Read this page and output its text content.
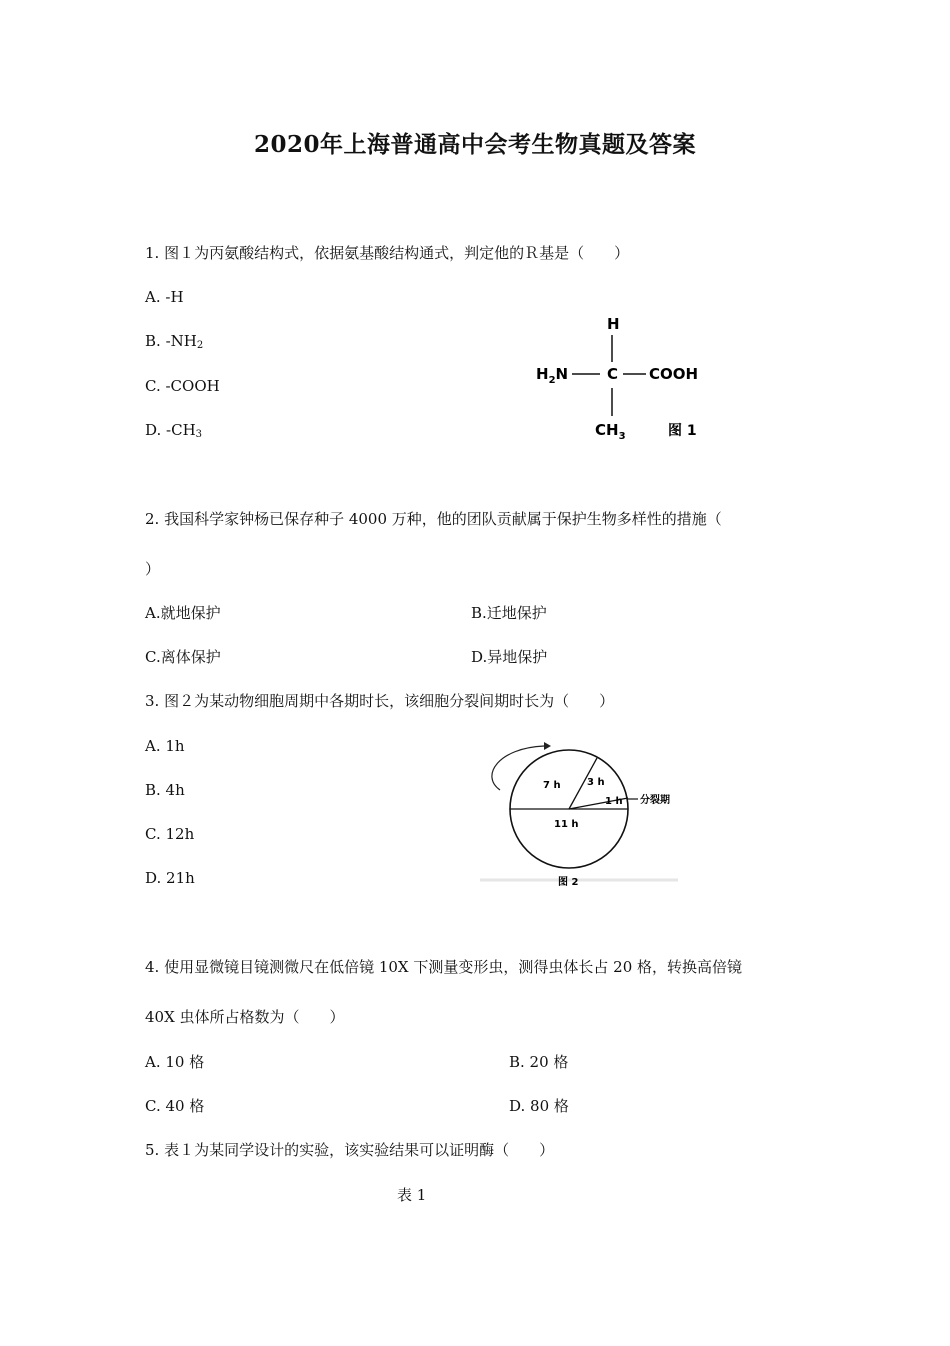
2020年上海普通高中会考生物真题及答案
1. 图１为丙氨酸结构式，依据氨基酸结构通式，判定他的Ｒ基是（　　）
A. -H
B. $-NH_2$
C. -COOH
D. $-CH_3$
H
$H_2N$	C COOH
$CH_3$	图 1
2. 我国科学家钟杨已保存种子 4000 万种，他的团队贡献属于保护生物多样性的措施（
）
A.就地保护	B.迁地保护
C.离体保护	D.异地保护
3. 图２为某动物细胞周期中各期时长，该细胞分裂间期时长为（　　）
A. 1h
B. 4h
C. 12h
D. 21h
7 h	3 h
1 h
11 h
分裂期
图 2
4. 使用显微镜目镜测微尺在低倍镜 10X 下测量变形虫，测得虫体长占 20 格，转换高倍镜
40X 虫体所占格数为（　　）
A. 10 格	B. 20 格
C. 40 格	D. 80 格
5. 表１为某同学设计的实验，该实验结果可以证明酶（　　）
表 1
